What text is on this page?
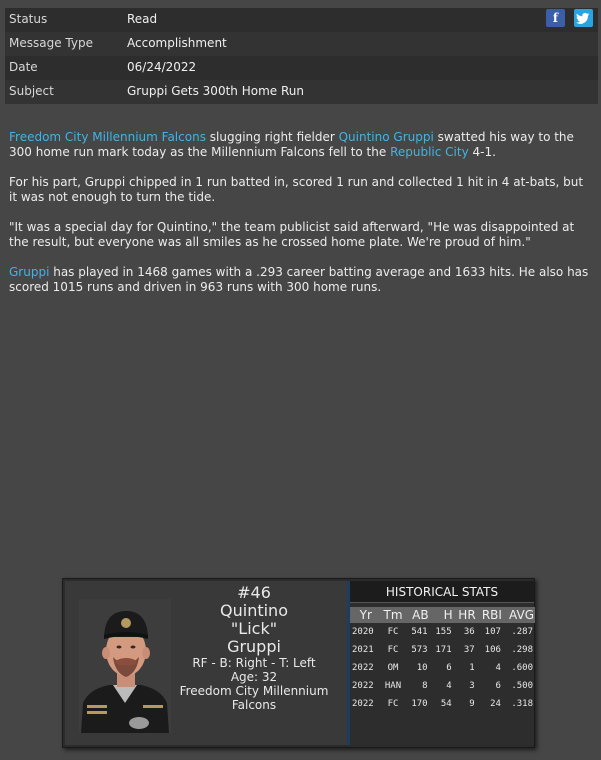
Status	Read
Message Type	Accomplishment
Date	06/24/2022
Subject	Gruppi Gets 300th Home Run
f

Freedom City Millennium Falcons slugging right fielder Quintino Gruppi swatted his way to the 300 home run mark today as the Millennium Falcons fell to the Republic City 4-1.

For his part, Gruppi chipped in 1 run batted in, scored 1 run and collected 1 hit in 4 at-bats, but it was not enough to turn the tide.

"It was a special day for Quintino," the team publicist said afterward, "He was disappointed at the result, but everyone was all smiles as he crossed home plate. We're proud of him."

Gruppi has played in 1468 games with a .293 career batting average and 1633 hits. He also has scored 1015 runs and driven in 963 runs with 300 home runs.

#46
Quintino
"Lick"
Gruppi
RF - B: Right - T: Left
Age: 32
Freedom City Millennium Falcons
HISTORICAL STATS
Yr	Tm	AB	H	HR	RBI	AVG
2020	FC	541	155	36	107	.287
2021	FC	573	171	37	106	.298
2022	OM	10	6	1	4	.600
2022	HAN	8	4	3	6	.500
2022	FC	170	54	9	24	.318
